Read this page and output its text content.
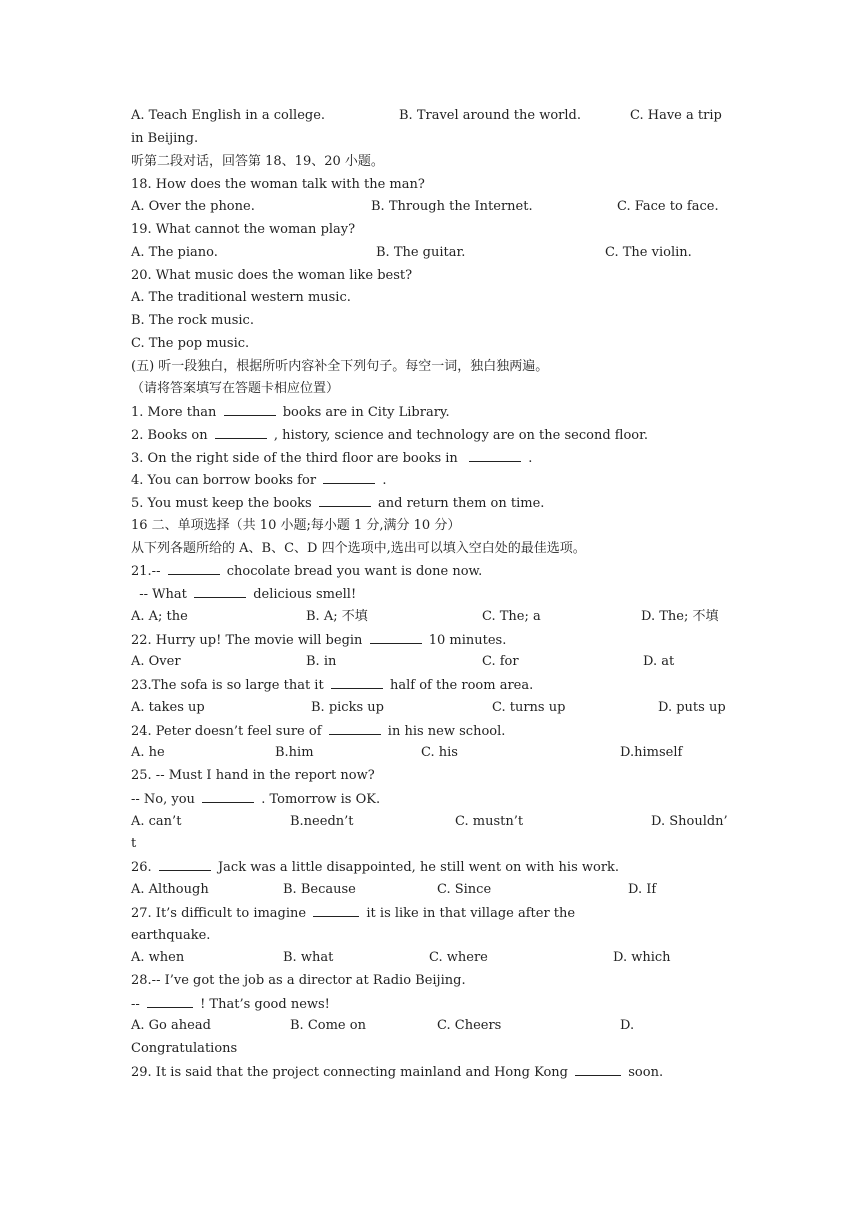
A. Teach English in a college.	B. Travel around the world.	C. Have a trip
in Beijing.
听第二段对话，回答第 18、19、20 小题。
18. How does the woman talk with the man?
A. Over the phone.	B. Through the Internet.	C. Face to face.
19. What cannot the woman play?
A. The piano.	B. The guitar.	C. The violin.
20. What music does the woman like best?
A. The traditional western music.
B. The rock music.
C. The pop music.
(五) 听一段独白，根据所听内容补全下列句子。每空一词，独白独两遍。
（请将答案填写在答题卡相应位置）
1. More than	books are in City Library.
2. Books on	, history, science and technology are on the second floor.
3. On the right side of the third floor are books in	.
4. You can borrow books for	.
5. You must keep the books	and return them on time.
16 二、单项选择（共 10 小题;每小题 1 分,满分 10 分）
从下列各题所给的 A、B、C、D 四个选项中,选出可以填入空白处的最佳选项。
21.--	chocolate bread you want is done now.
-- What	delicious smell!
A. A; the	B. A; 不填	C. The; a	D. The; 不填
22. Hurry up! The movie will begin	10 minutes.
A. Over	B. in	C. for	D. at
23.The sofa is so large that it	half of the room area.
A. takes up	B. picks up	C. turns up	D. puts up
24. Peter doesn’t feel sure of	in his new school.
A. he	B.him	C. his	D.himself
25. -- Must I hand in the report now?
-- No, you	. Tomorrow is OK.
A. can’t	B.needn’t	C. mustn’t	D. Shouldn’
t
26.	Jack was a little disappointed, he still went on with his work.
A. Although	B. Because	C. Since	D. If
27. It’s difficult to imagine	it is like in that village after the
earthquake.
A. when	B. what	C. where	D. which
28.-- I’ve got the job as a director at Radio Beijing.
--	! That’s good news!
A. Go ahead	B. Come on	C. Cheers	D.
Congratulations
29. It is said that the project connecting mainland and Hong Kong	soon.
